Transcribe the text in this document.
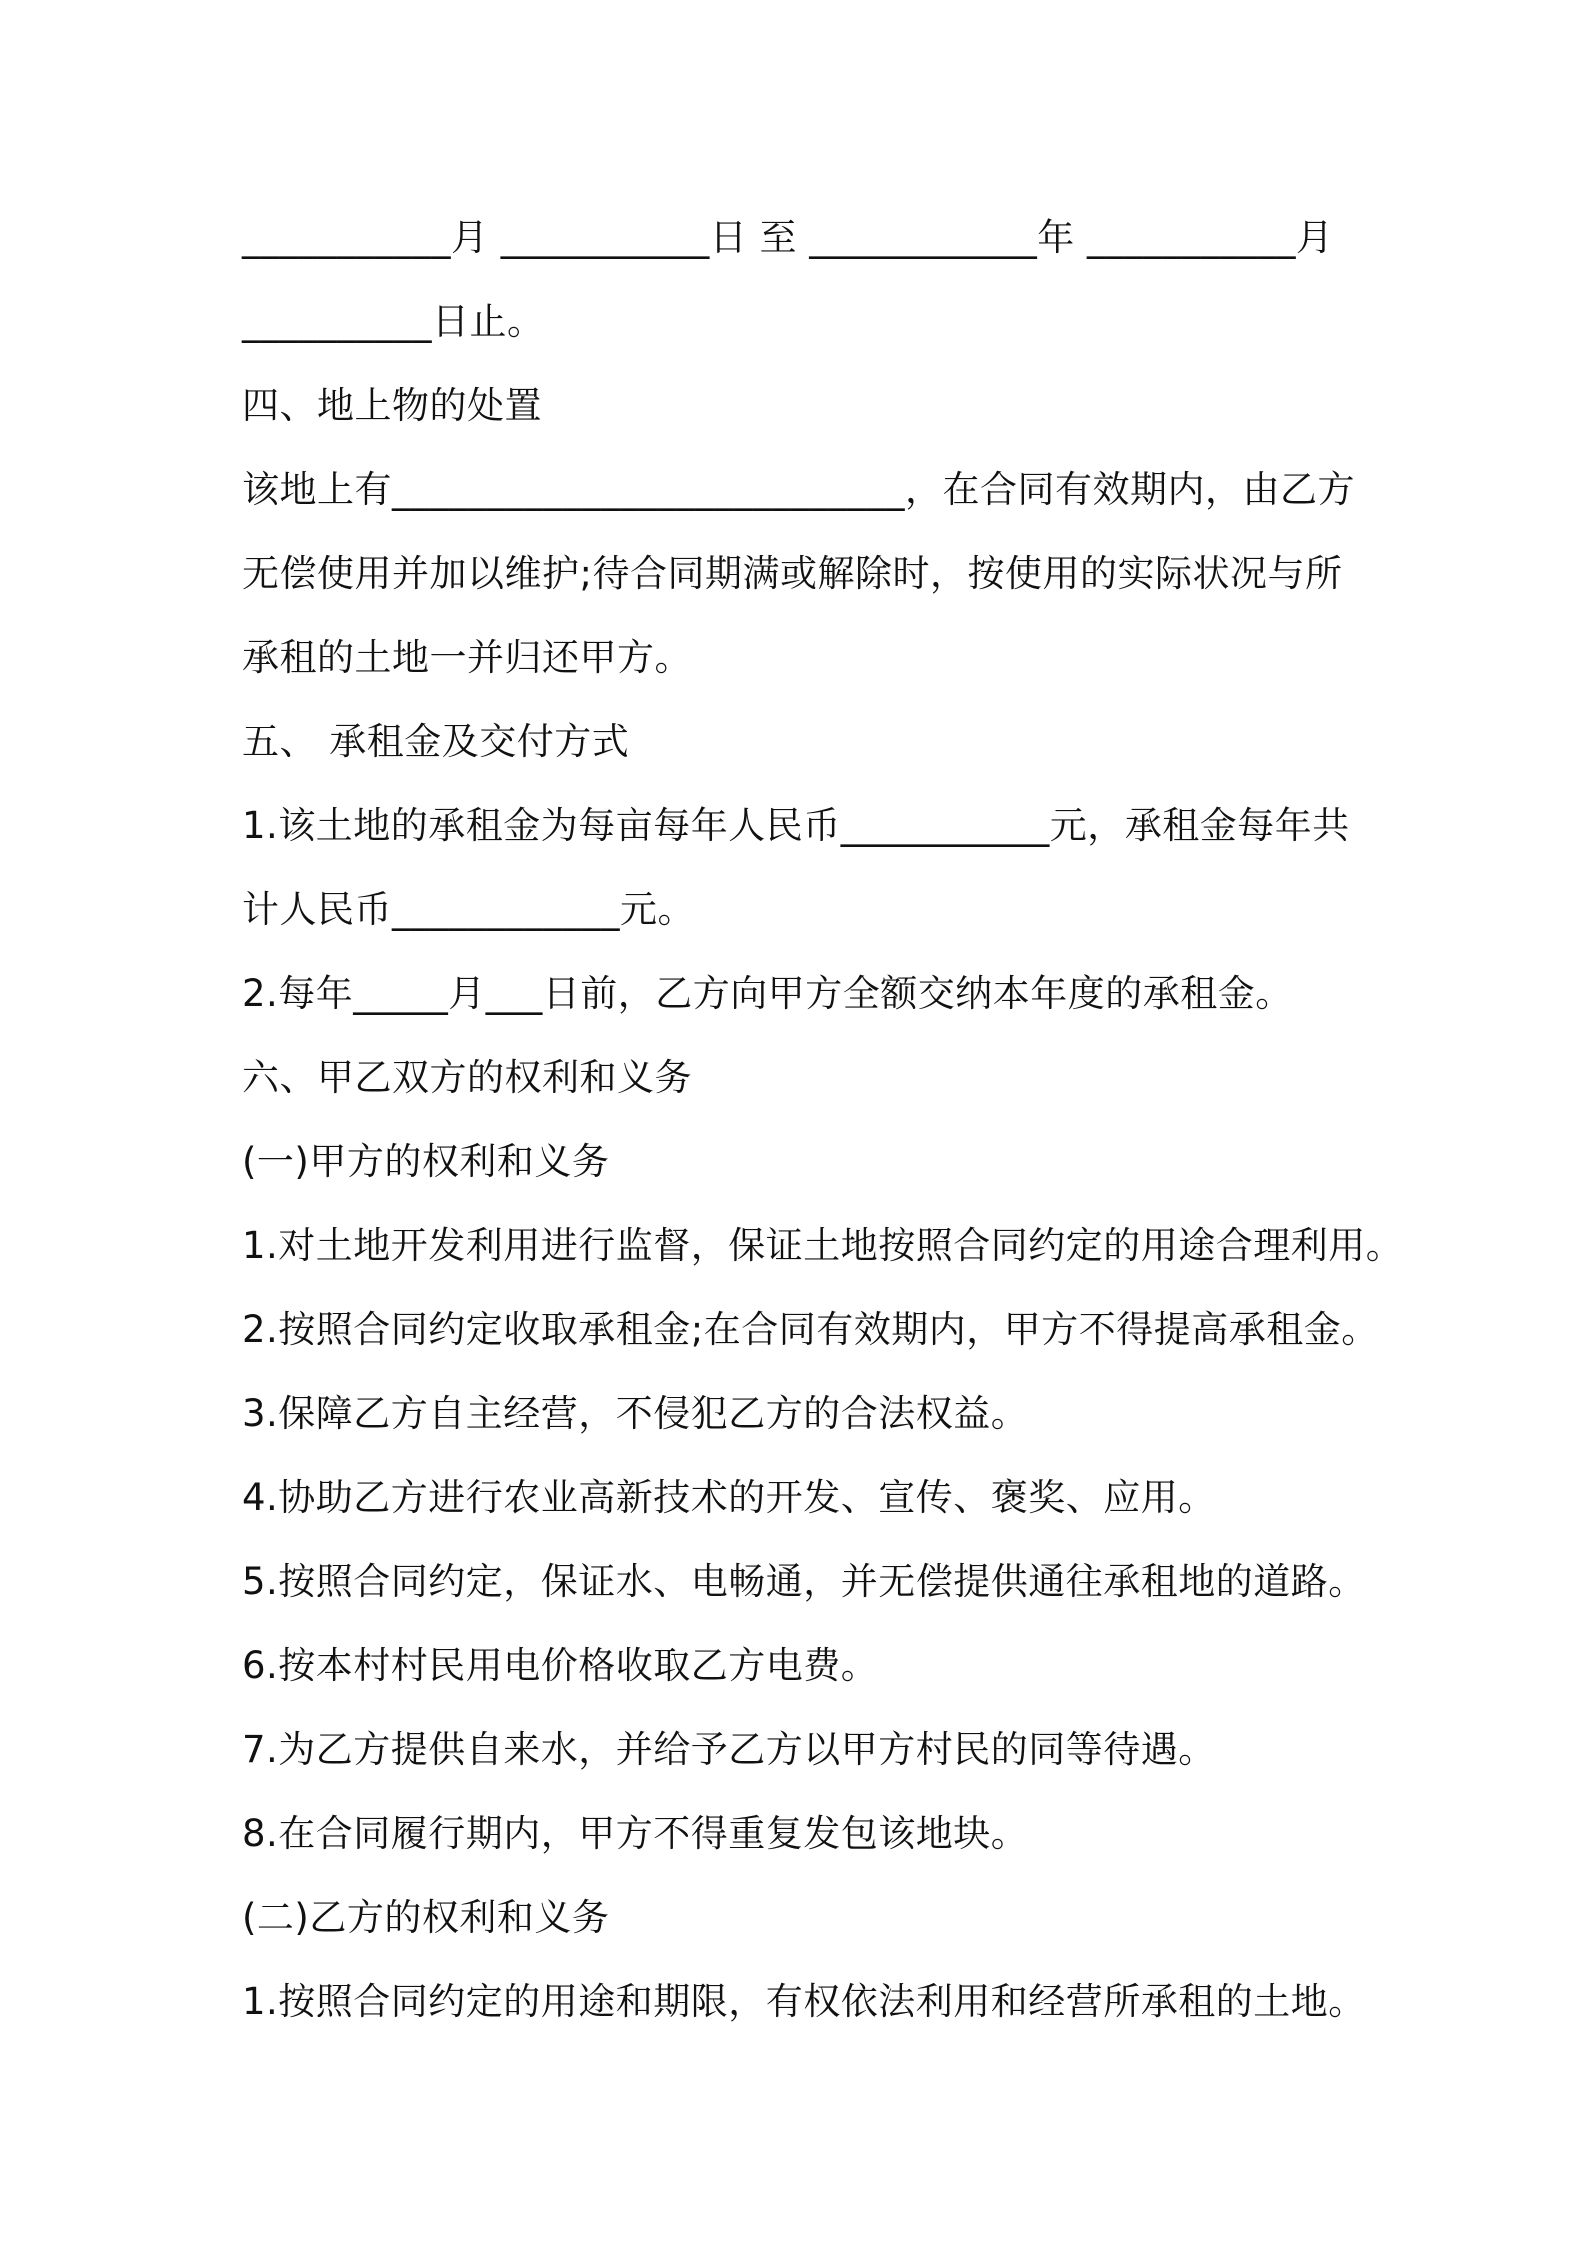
___________月 ___________日 至 ____________年 ___________月
__________日止。
四、地上物的处置
该地上有___________________________，在合同有效期内，由乙方
无偿使用并加以维护;待合同期满或解除时，按使用的实际状况与所
承租的土地一并归还甲方。
五、 承租金及交付方式
1.该土地的承租金为每亩每年人民币___________元，承租金每年共
计人民币____________元。
2.每年_____月___日前，乙方向甲方全额交纳本年度的承租金。
六、甲乙双方的权利和义务
(一)甲方的权利和义务
1.对土地开发利用进行监督，保证土地按照合同约定的用途合理利用。
2.按照合同约定收取承租金;在合同有效期内，甲方不得提高承租金。
3.保障乙方自主经营，不侵犯乙方的合法权益。
4.协助乙方进行农业高新技术的开发、宣传、褒奖、应用。
5.按照合同约定，保证水、电畅通，并无偿提供通往承租地的道路。
6.按本村村民用电价格收取乙方电费。
7.为乙方提供自来水，并给予乙方以甲方村民的同等待遇。
8.在合同履行期内，甲方不得重复发包该地块。
(二)乙方的权利和义务
1.按照合同约定的用途和期限，有权依法利用和经营所承租的土地。
